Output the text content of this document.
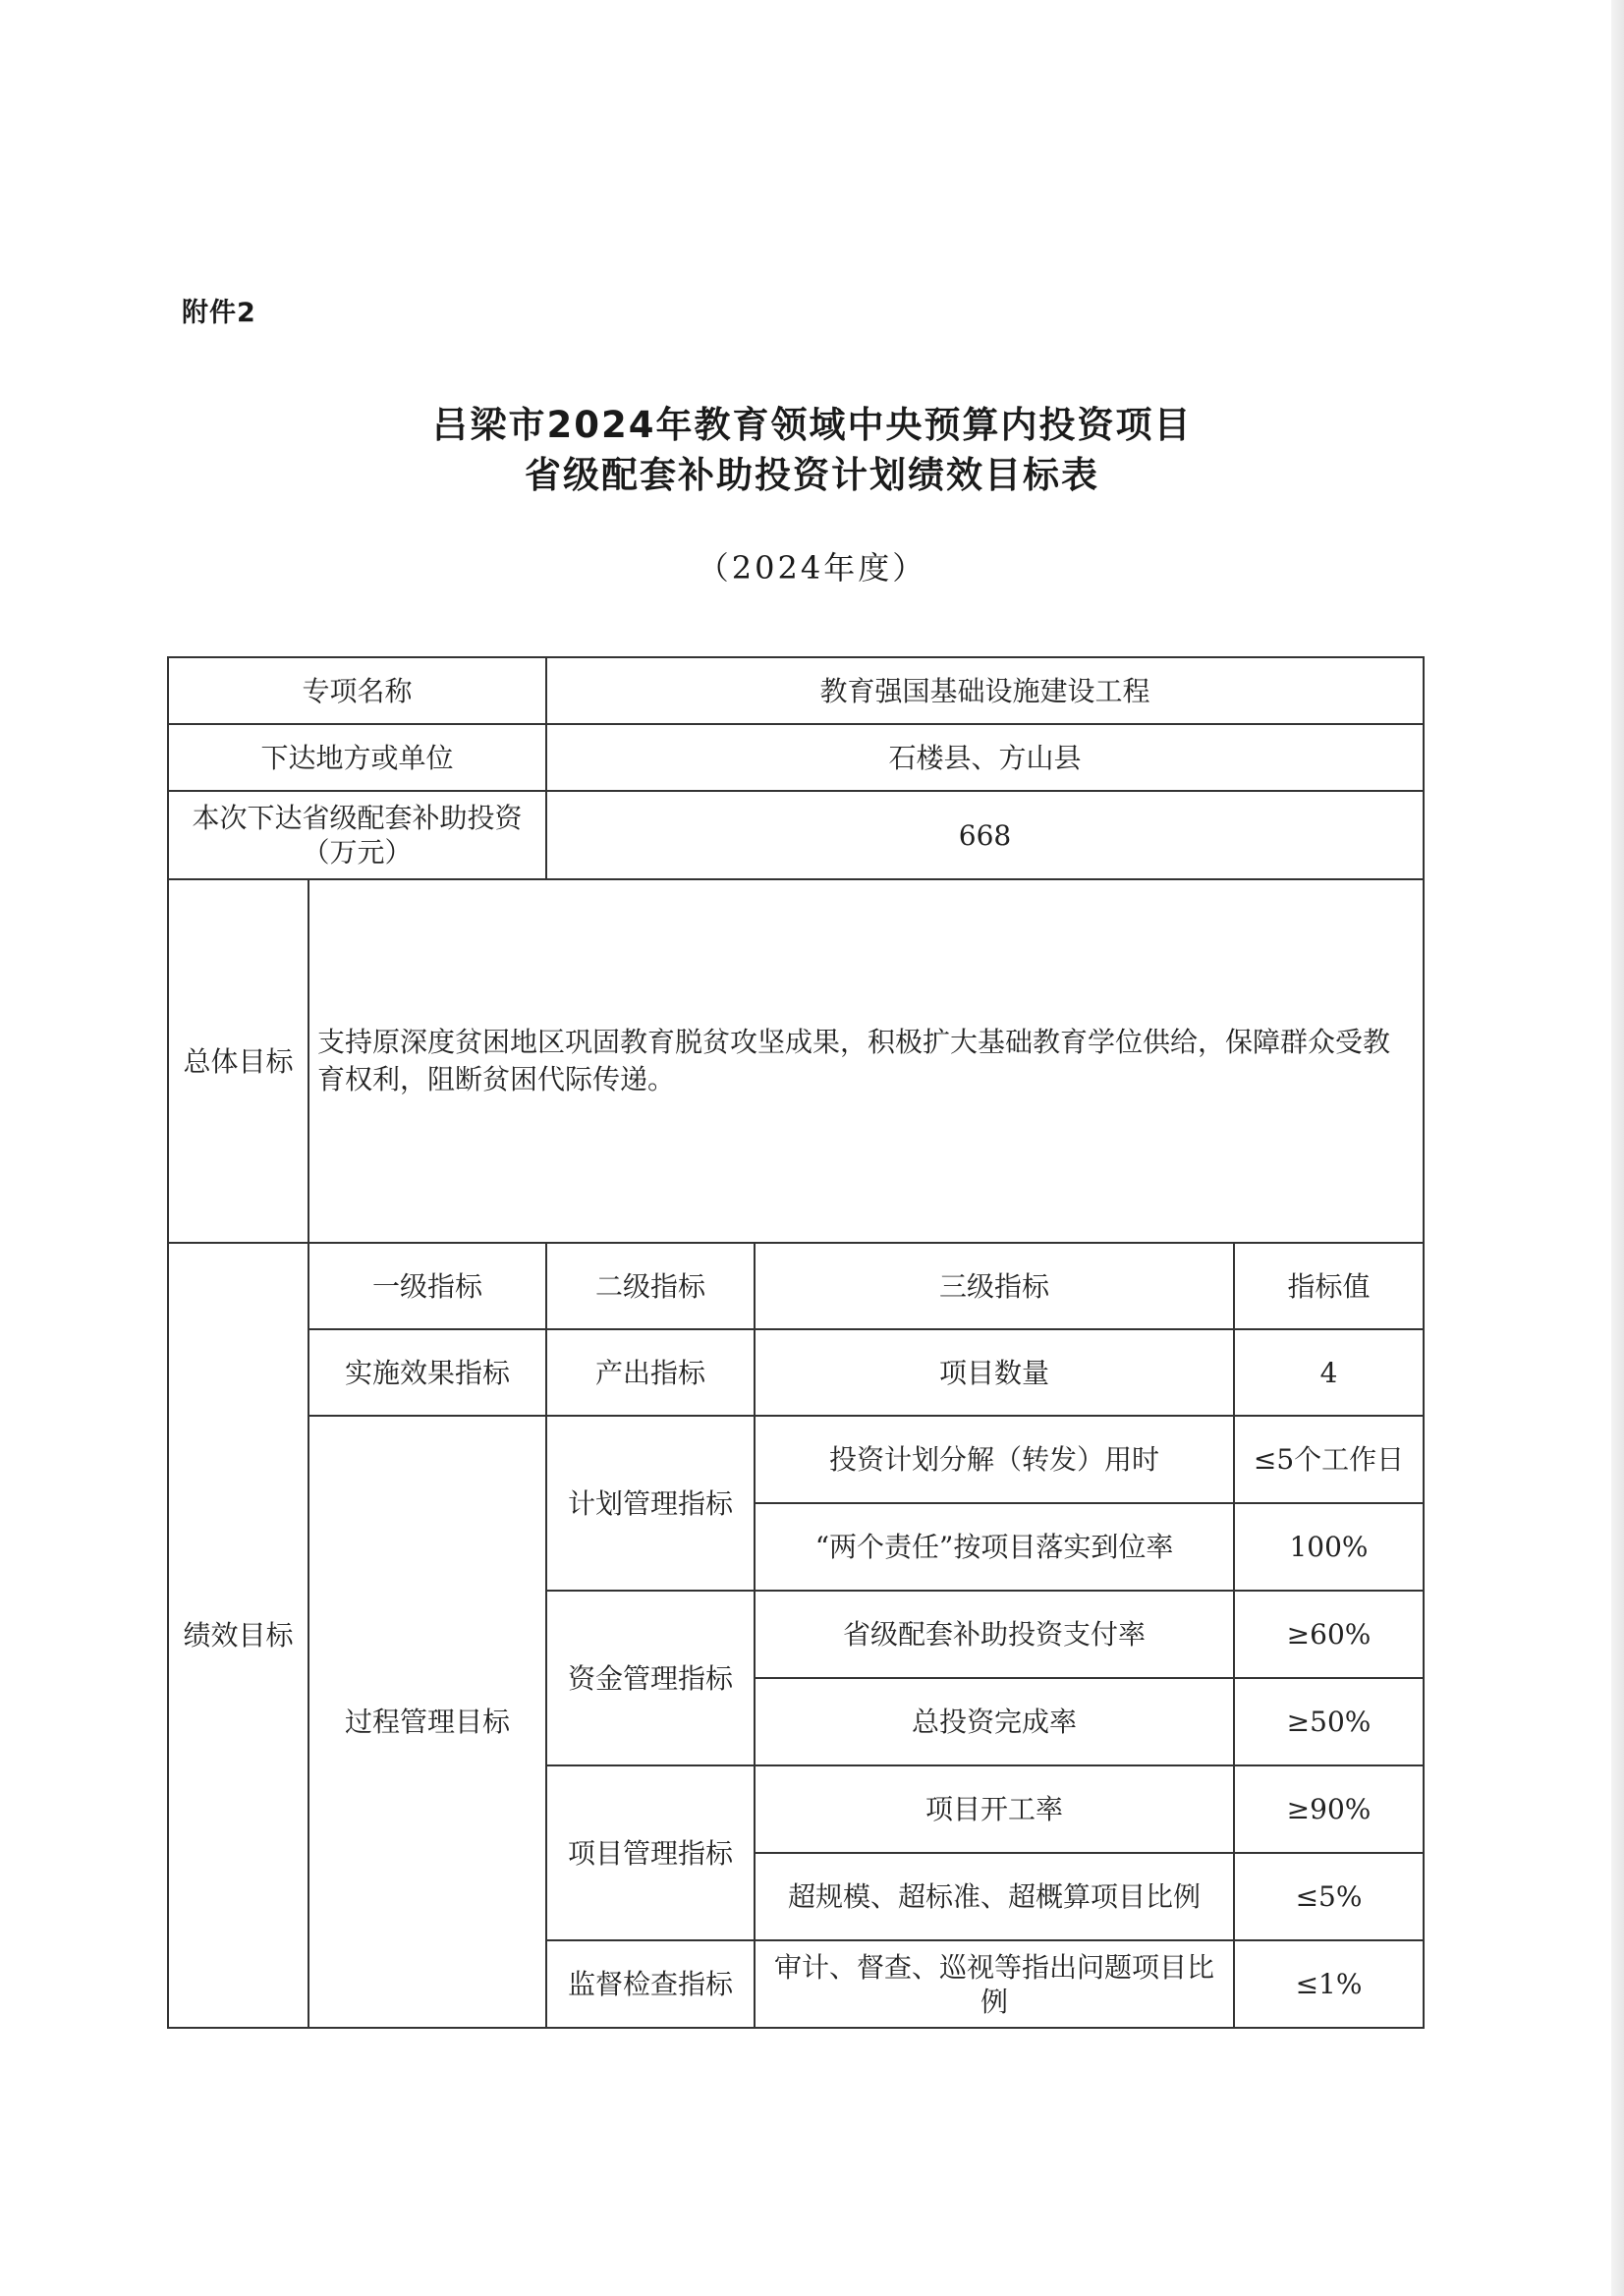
附件2
吕梁市2024年教育领域中央预算内投资项目
省级配套补助投资计划绩效目标表
（2024年度）
专项名称		教育强国基础设施建设工程		
下达地方或单位		石楼县、方山县		

本次下达省级配套补助投资
（万元）		668		
总体目标	支持原深度贫困地区巩固教育脱贫攻坚成果，积极扩大基础教育学位供给，保障群众受教育权利，阻断贫困代际传递。			
绩效目标	一级指标	二级指标	三级指标	指标值
	实施效果指标	产出指标	项目数量	4
	过程管理目标	计划管理指标	投资计划分解（转发）用时	≤5个工作日
			“两个责任”按项目落实到位率	100%
		资金管理指标	省级配套补助投资支付率	≥60%
			总投资完成率	≥50%
		项目管理指标	项目开工率	≥90%
			超规模、超标准、超概算项目比例	≤5%
		监督检查指标	审计、督查、巡视等指出问题项目比例	≤1%
